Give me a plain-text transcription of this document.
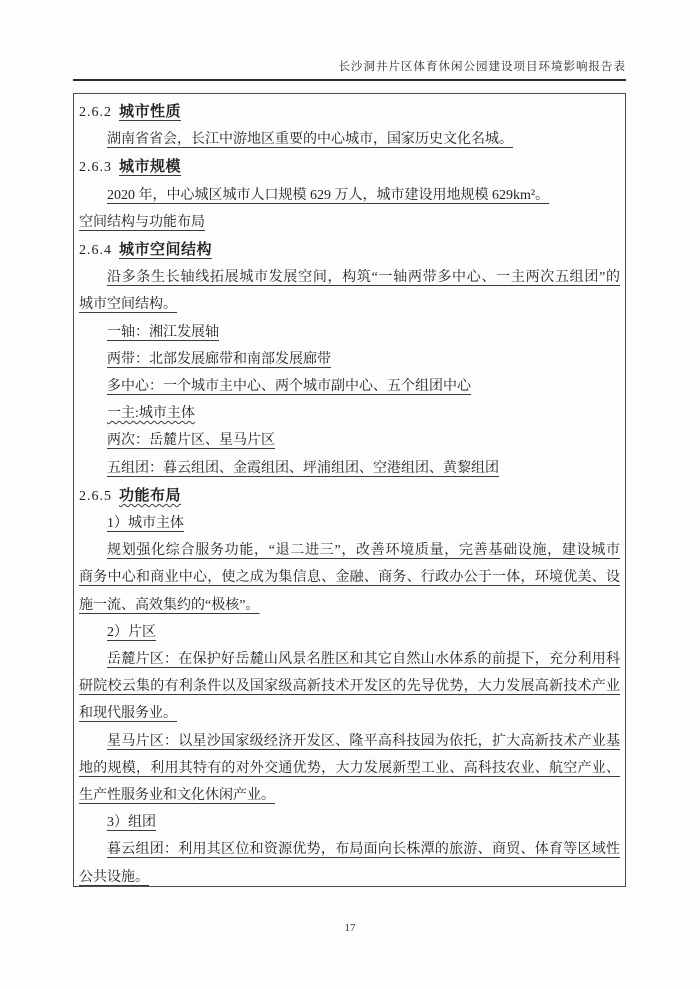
长沙洞井片区体育休闲公园建设项目环境影响报告表
2.6.2 城市性质
湖南省省会，长江中游地区重要的中心城市，国家历史文化名城。
2.6.3 城市规模
2020 年，中心城区城市人口规模 629 万人，城市建设用地规模 629km²。
空间结构与功能布局
2.6.4 城市空间结构
沿多条生长轴线拓展城市发展空间，构筑“一轴两带多中心、一主两次五组团”的
城市空间结构。
一轴：湘江发展轴
两带：北部发展廊带和南部发展廊带
多中心：一个城市主中心、两个城市副中心、五个组团中心
一主:城市主体
两次：岳麓片区、星马片区
五组团：暮云组团、金霞组团、坪浦组团、空港组团、黄黎组团
2.6.5 功能布局
1）城市主体
规划强化综合服务功能，“退二进三”，改善环境质量，完善基础设施，建设城市
商务中心和商业中心，使之成为集信息、金融、商务、行政办公于一体，环境优美、设
施一流、高效集约的“极核”。
2）片区
岳麓片区：在保护好岳麓山风景名胜区和其它自然山水体系的前提下，充分利用科
研院校云集的有利条件以及国家级高新技术开发区的先导优势，大力发展高新技术产业
和现代服务业。
星马片区：以星沙国家级经济开发区、隆平高科技园为依托，扩大高新技术产业基
地的规模，利用其特有的对外交通优势，大力发展新型工业、高科技农业、航空产业、
生产性服务业和文化休闲产业。
3）组团
暮云组团：利用其区位和资源优势，布局面向长株潭的旅游、商贸、体育等区域性
公共设施。
17
